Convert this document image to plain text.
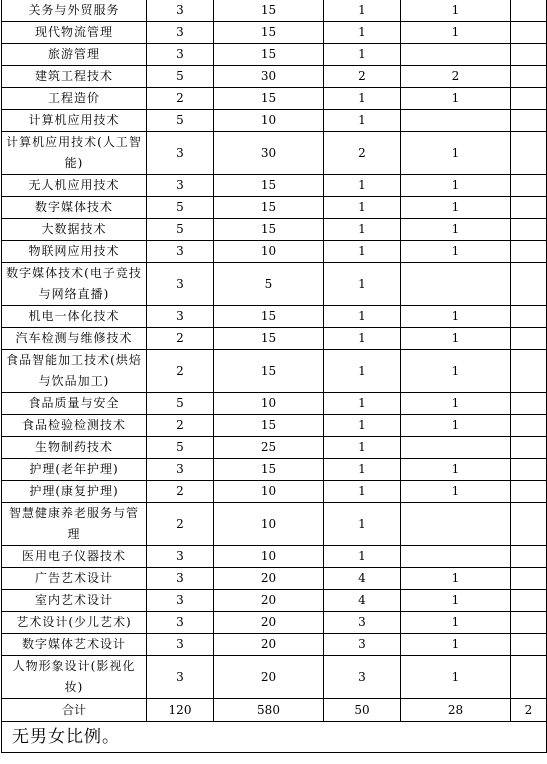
关务与外贸服务	3	15	1	1	
现代物流管理	3	15	1	1	
旅游管理	3	15	1		
建筑工程技术	5	30	2	2	
工程造价	2	15	1	1	
计算机应用技术	5	10	1		
计算机应用技术(人工智能)	3	30	2	1	
无人机应用技术	3	15	1	1	
数字媒体技术	5	15	1	1	
大数据技术	5	15	1	1	
物联网应用技术	3	10	1	1	
数字媒体技术(电子竞技与网络直播)	3	5	1		
机电一体化技术	3	15	1	1	
汽车检测与维修技术	2	15	1	1	
食品智能加工技术(烘焙与饮品加工)	2	15	1	1	
食品质量与安全	5	10	1	1	
食品检验检测技术	2	15	1	1	
生物制药技术	5	25	1		
护理(老年护理)	3	15	1	1	
护理(康复护理)	2	10	1	1	
智慧健康养老服务与管理	2	10	1		
医用电子仪器技术	3	10	1		
广告艺术设计	3	20	4	1	
室内艺术设计	3	20	4	1	
艺术设计(少儿艺术)	3	20	3	1	
数字媒体艺术设计	3	20	3	1	
人物形象设计(影视化妆)	3	20	3	1	
合计	120	580	50	28	2
无男女比例。					
